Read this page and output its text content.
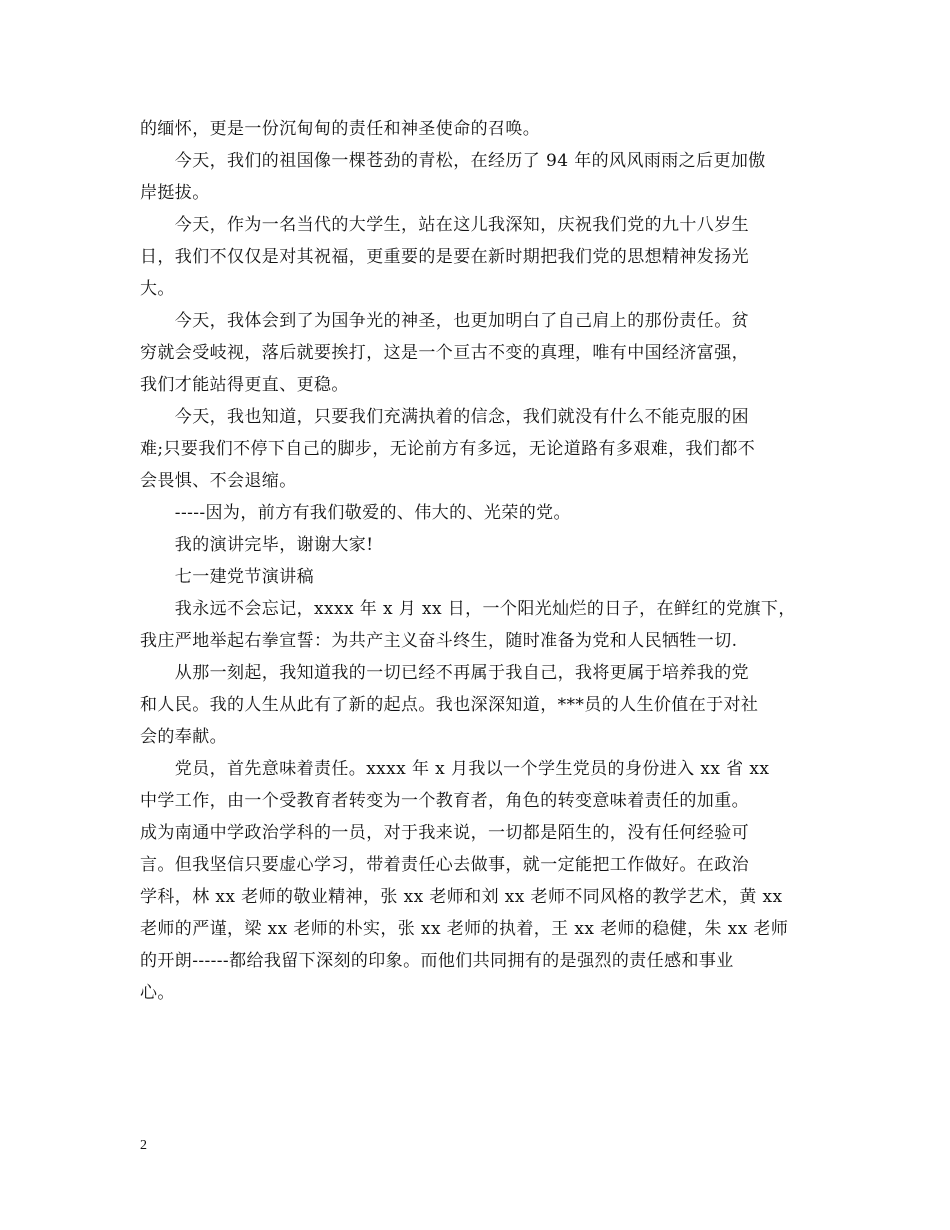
的缅怀，更是一份沉甸甸的责任和神圣使命的召唤。
　　今天，我们的祖国像一棵苍劲的青松，在经历了 94 年的风风雨雨之后更加傲
岸挺拔。
　　今天，作为一名当代的大学生，站在这儿我深知，庆祝我们党的九十八岁生
日，我们不仅仅是对其祝福，更重要的是要在新时期把我们党的思想精神发扬光
大。
　　今天，我体会到了为国争光的神圣，也更加明白了自己肩上的那份责任。贫
穷就会受岐视，落后就要挨打，这是一个亘古不变的真理，唯有中国经济富强，
我们才能站得更直、更稳。
　　今天，我也知道，只要我们充满执着的信念，我们就没有什么不能克服的困
难;只要我们不停下自己的脚步，无论前方有多远，无论道路有多艰难，我们都不
会畏惧、不会退缩。
　　-----因为，前方有我们敬爱的、伟大的、光荣的党。
　　我的演讲完毕，谢谢大家!
　　七一建党节演讲稿
　　我永远不会忘记，xxxx 年 x 月 xx 日，一个阳光灿烂的日子，在鲜红的党旗下，
我庄严地举起右拳宣誓：为共产主义奋斗终生，随时准备为党和人民牺牲一切.
　　从那一刻起，我知道我的一切已经不再属于我自己，我将更属于培养我的党
和人民。我的人生从此有了新的起点。我也深深知道，***员的人生价值在于对社
会的奉献。
　　党员，首先意味着责任。xxxx 年 x 月我以一个学生党员的身份进入 xx 省 xx
中学工作，由一个受教育者转变为一个教育者，角色的转变意味着责任的加重。
成为南通中学政治学科的一员，对于我来说，一切都是陌生的，没有任何经验可
言。但我坚信只要虚心学习，带着责任心去做事，就一定能把工作做好。在政治
学科，林 xx 老师的敬业精神，张 xx 老师和刘 xx 老师不同风格的教学艺术，黄 xx
老师的严谨，梁 xx 老师的朴实，张 xx 老师的执着，王 xx 老师的稳健，朱 xx 老师
的开朗------都给我留下深刻的印象。而他们共同拥有的是强烈的责任感和事业
心。
2
